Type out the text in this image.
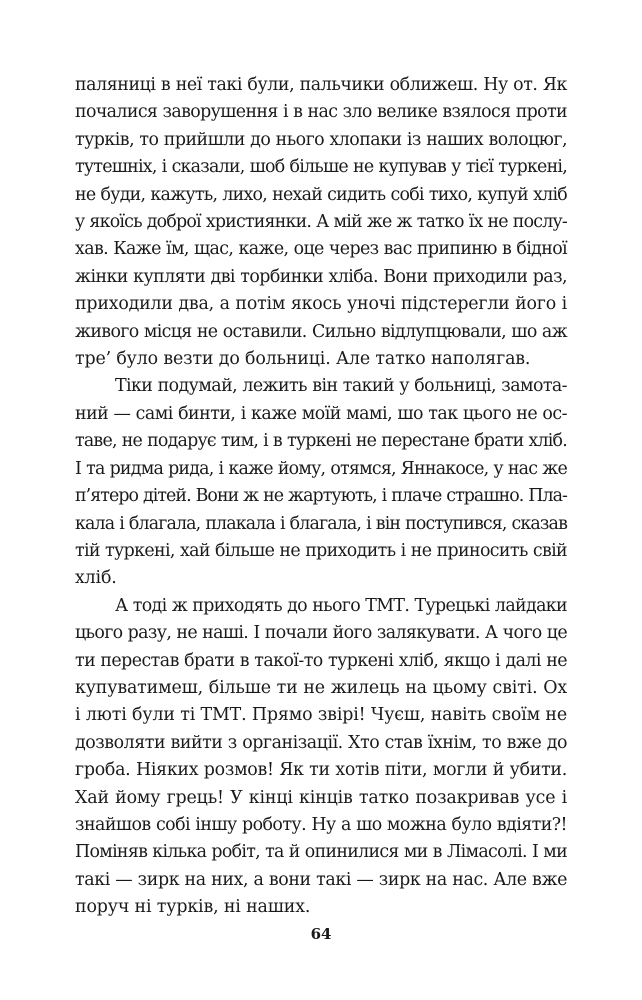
паляниці в неї такі були, пальчики оближеш. Ну от. Як
почалися заворушення і в нас зло велике взялося проти
турків, то прийшли до нього хлопаки із наших волоцюг,
тутешніх, і сказали, шоб більше не купував у тієї туркені,
не буди, кажуть, лихо, нехай сидить собі тихо, купуй хліб
у якоїсь доброї християнки. А мій же ж татко їх не послу-
хав. Каже їм, щас, каже, оце через вас припиню в бідної
жінки купляти дві торбинки хліба. Вони приходили раз,
приходили два, а потім якось уночі підстерегли його і
живого місця не оставили. Сильно відлупцювали, шо аж
тре’ було везти до больниці. Але татко наполягав.

Тіки подумай, лежить він такий у больниці, замота-
ний — самі бинти, і каже моїй мамі, шо так цього не ос-
таве, не подарує тим, і в туркені не перестане брати хліб.
І та ридма рида, і каже йому, отямся, Яннакосе, у нас же
п’ятеро дітей. Вони ж не жартують, і плаче страшно. Пла-
кала і благала, плакала і благала, і він поступився, сказав
тій туркені, хай більше не приходить і не приносить свій
хліб.

А тоді ж приходять до нього ТМТ. Турецькі лайдаки
цього разу, не наші. І почали його залякувати. А чого це
ти перестав брати в такої-то туркені хліб, якщо і далі не
купуватимеш, більше ти не жилець на цьому світі. Ох
і люті були ті ТМТ. Прямо звірі! Чуєш, навіть своїм не
дозволяти вийти з організації. Хто став їхнім, то вже до
гроба. Ніяких розмов! Як ти хотів піти, могли й убити.
Хай йому грець! У кінці кінців татко позакривав усе і
знайшов собі іншу роботу. Ну а шо можна було вдіяти?!
Поміняв кілька робіт, та й опинилися ми в Лімасолі. І ми
такі — зирк на них, а вони такі — зирк на нас. Але вже
поруч ні турків, ні наших.

64
